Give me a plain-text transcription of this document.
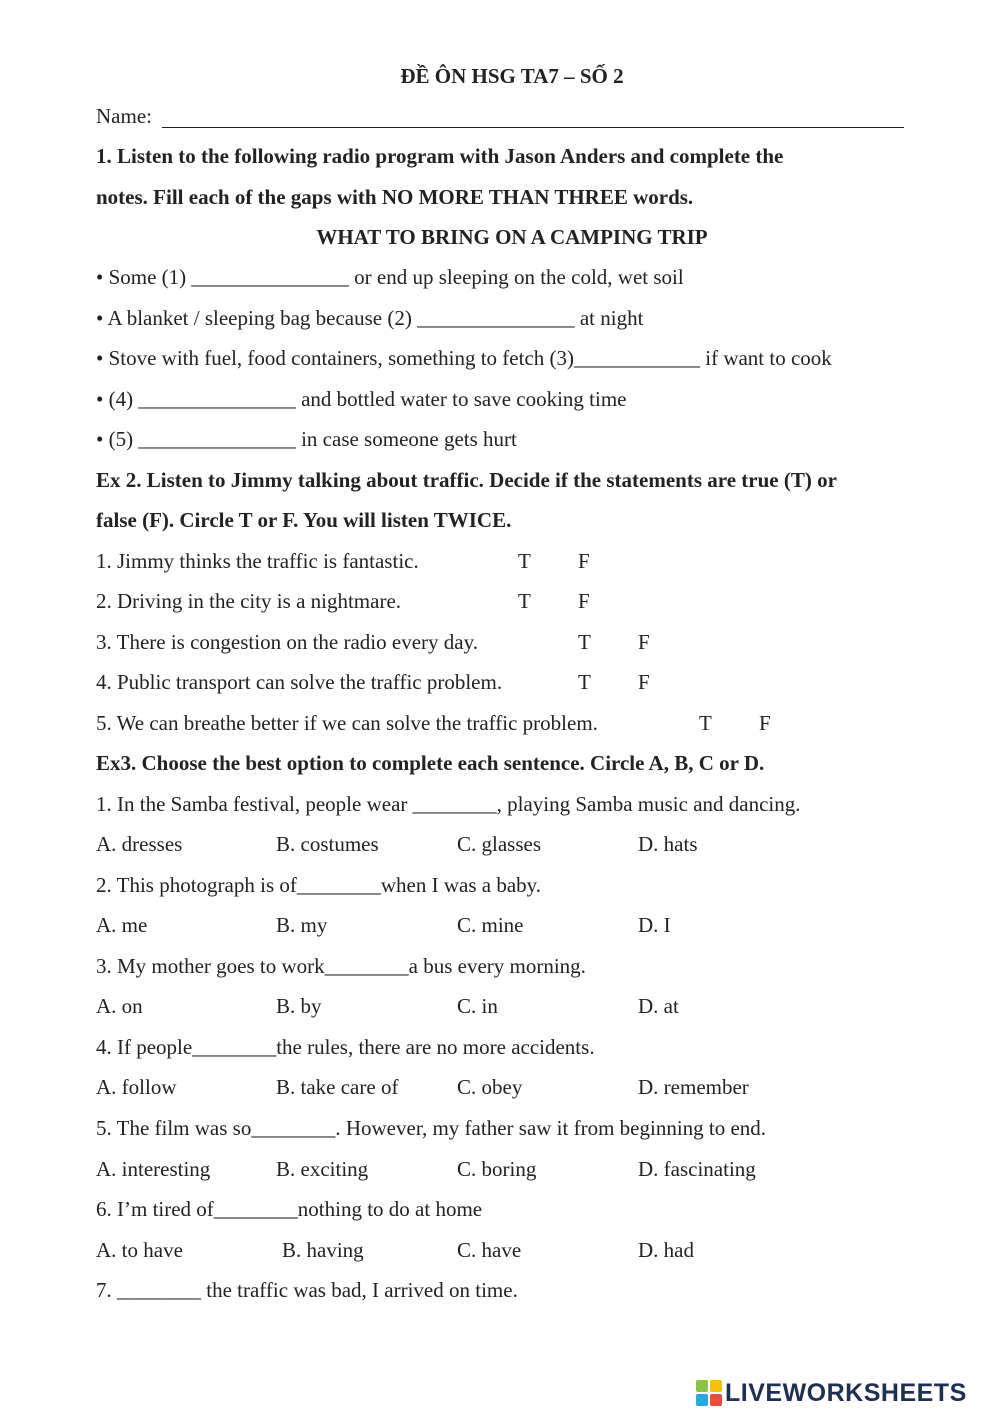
ĐỀ ÔN HSG TA7 – SỐ 2
Name:
1. Listen to the following radio program with Jason Anders and complete the
notes. Fill each of the gaps with NO MORE THAN THREE words.
WHAT TO BRING ON A CAMPING TRIP
• Some (1) _______________ or end up sleeping on the cold, wet soil
• A blanket / sleeping bag because (2) _______________ at night
• Stove with fuel, food containers, something to fetch (3)____________ if want to cook
• (4) _______________ and bottled water to save cooking time
• (5) _______________ in case someone gets hurt
Ex 2. Listen to Jimmy talking about traffic. Decide if the statements are true (T) or
false (F). Circle T or F. You will listen TWICE.
1. Jimmy thinks the traffic is fantastic.	T F
2. Driving in the city is a nightmare.	T F
3. There is congestion on the radio every day.	T F
4. Public transport can solve the traffic problem.	T F
5. We can breathe better if we can solve the traffic problem.	T F
Ex3. Choose the best option to complete each sentence. Circle A, B, C or D.
1. In the Samba festival, people wear ________, playing Samba music and dancing.
A. dresses	B. costumes	C. glasses	D. hats
2. This photograph is of________when I was a baby.
A. me	B. my	C. mine	D. I
3. My mother goes to work________a bus every morning.
A. on	B. by	C. in	D. at
4. If people________the rules, there are no more accidents.
A. follow	B. take care of	C. obey	D. remember
5. The film was so________. However, my father saw it from beginning to end.
A. interesting	B. exciting	C. boring	D. fascinating
6. I’m tired of________nothing to do at home
A. to have	B. having	C. have	D. had
7. ________ the traffic was bad, I arrived on time.
LIVEWORKSHEETS
